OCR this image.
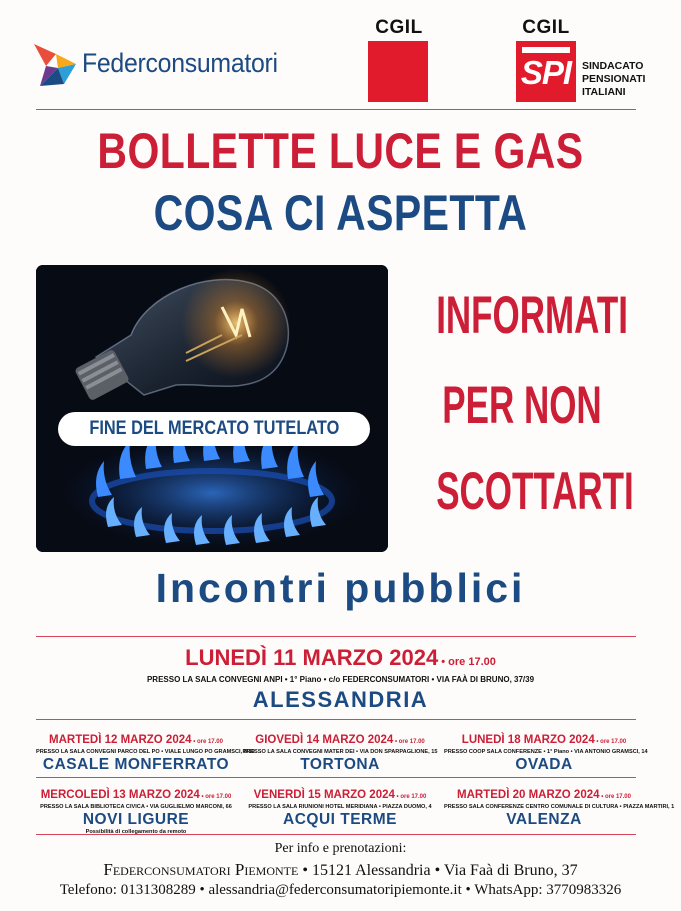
Federconsumatori
CGIL	CGIL
SPI SINDACATO
PENSIONATI
ITALIANI
BOLLETTE LUCE E GAS
COSA CI ASPETTA
FINE DEL MERCATO TUTELATO
INFORMATI
PER NON
SCOTTARTI
Incontri pubblici
LUNEDÌ 11 MARZO 2024 • ore 17.00
PRESSO LA SALA CONVEGNI ANPI • 1° Piano • c/o FEDERCONSUMATORI • VIA FAÀ DI BRUNO, 37/39
ALESSANDRIA
MARTEDÌ 12 MARZO 2024 • ore 17.00
PRESSO LA SALA CONVEGNI PARCO DEL PO • VIALE LUNGO PO GRAMSCI, 8/10
CASALE MONFERRATO
GIOVEDÌ 14 MARZO 2024 • ore 17.00
PRESSO LA SALA CONVEGNI MATER DEI • VIA DON SPARPAGLIONE, 15
TORTONA
LUNEDÌ 18 MARZO 2024 • ore 17.00
PRESSO COOP SALA CONFERENZE • 1° Piano • VIA ANTONIO GRAMSCI, 14
OVADA
MERCOLEDÌ 13 MARZO 2024 • ore 17.00
PRESSO LA SALA BIBLIOTECA CIVICA • VIA GUGLIELMO MARCONI, 66
NOVI LIGURE
Possibilità di collegamento da remoto
VENERDÌ 15 MARZO 2024 • ore 17.00
PRESSO LA SALA RIUNIONI HOTEL MERIDIANA • PIAZZA DUOMO, 4
ACQUI TERME
MARTEDÌ 20 MARZO 2024 • ore 17.00
PRESSO SALA CONFERENZE CENTRO COMUNALE DI CULTURA • PIAZZA MARTIRI, 1
VALENZA
Per info e prenotazioni:
Federconsumatori Piemonte • 15121 Alessandria • Via Faà di Bruno, 37
Telefono: 0131308289 • alessandria@federconsumatoripiemonte.it • WhatsApp: 3770983326
